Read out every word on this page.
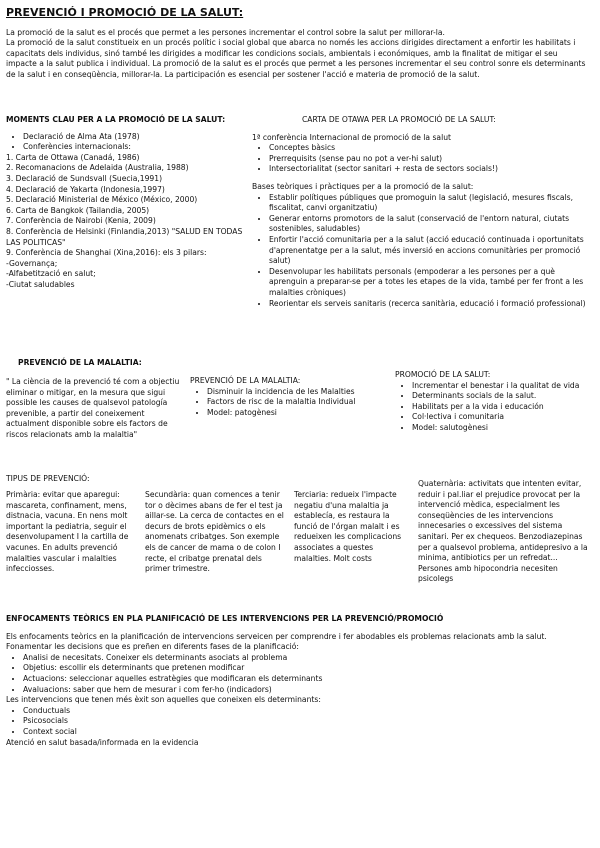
PREVENCIÓ I PROMOCIÓ DE LA SALUT:
La promoció de la salut es el procés que permet a les persones incrementar el control sobre la salut per millorar-la.
La promoció de la salut constitueix en un procés polític i social global que abarca no només les accions dirigides directament a enfortir les habilitats i capacitats dels individus, sinó també les dirigides a modificar les condicions socials, ambientals i económiques, amb la finalitat de mitigar el seu impacte a la salut publica i individual. La promoció de la salut es el procés que permet a les persones incrementar el seu control sonre els determinants de la salut i en conseqüència, millorar-la. La participación es esencial per sostener l'acció e materia de promoció de la salut.
MOMENTS CLAU PER A LA PROMOCIÓ DE LA SALUT:
• Declaració de Alma Ata (1978)
• Conferències internacionals:
1. Carta de Ottawa (Canadá, 1986)
2. Recomanacions de Adelaida (Australia, 1988)
3. Declaració de Sundsvall (Suecia,1991)
4. Declaració de Yakarta (Indonesia,1997)
5. Declaració Ministerial de México (México, 2000)
6. Carta de Bangkok (Tailandia, 2005)
7. Conferència de Nairobi (Kenia, 2009)
8. Conferència de Helsinki (Finlandia,2013) "SALUD EN TODAS LAS POLITICAS"
9. Conferència de Shanghai (Xina,2016): els 3 pilars:
-Governança;
-Alfabetització en salut;
-Ciutat saludables
CARTA DE OTAWA PER LA PROMOCIÓ DE LA SALUT:
1ª conferència Internacional de promoció de la salut
• Conceptes bàsics
• Prerrequisits (sense pau no pot a ver-hi salut)
• Intersectorialitat (sector sanitari + resta de sectors socials!)
Bases teòriques i pràctiques per a la promoció de la salut:
• Establir polítiques públiques que promoguin la salut (legislació, mesures fiscals, fiscalitat, canvi organitzatiu)
• Generar entorns promotors de la salut (conservació de l'entorn natural, ciutats sostenibles, saludables)
• Enfortir l'acció comunitaria per a la salut (acció educació continuada i oportunitats d'aprenentatge per a la salut, més inversió en accions comunitàries per promoció salut)
• Desenvolupar les habilitats personals (empoderar a les persones per a què aprenguin a preparar-se per a totes les etapes de la vida, també per fer front a les malalties cròniques)
• Reorientar els serveis sanitaris (recerca sanitària, educació i formació professional)
PREVENCIÓ DE LA MALALTIA:
" La ciència de la prevenció té com a objectiu eliminar o mitigar, en la mesura que sigui possible les causes de qualsevol patología prevenible, a partir del coneixement actualment disponible sobre els factors de riscos relacionats amb la malaltia"
PREVENCIÓ DE LA MALALTIA:
• Disminuir la incidencia de les Malalties
• Factors de risc de la malaltia Individual
• Model: patogènesi
PROMOCIÓ DE LA SALUT:
• Incrementar el benestar i la qualitat de vida
• Determinants socials de la salut.
• Habilitats per a la vida i educación
• Col·lectiva i comunitaria
• Model: salutogènesi
TIPUS DE PREVENCIÓ:
Primària: evitar que aparegui: mascareta, confinament, mens, distnacia, vacuna. En nens molt important la pediatria, seguir el desenvolupament I la cartilla de vacunes. En adults prevenció malalties vascular i malalties infecciosses.
Secundària: quan comences a tenir tor o dècimes abans de fer el test ja aillar-se. La cerca de contactes en el decurs de brots epidèmics o els anomenats cribatges. Son exemple els de cancer de mama o de colon I recte, el cribatge prenatal dels primer trimestre.
Terciaria: redueix l'impacte negatiu d'una malaltia ja establecía, es restaura la funció de l'órgan malalt i es redueixen les complicacions associates a questes malalties. Molt costs
Quaternària: activitats que intenten evitar, reduir i pal.liar el prejudice provocat per la intervenció mèdica, especialment les conseqüències de les intervencions innecesaries o excessives del sistema sanitari. Per ex chequeos. Benzodiazepinas per a qualsevol problema, antidepresivo a la minima, antibiotics per un refredat... Persones amb hipocondria necesiten psicolegs
ENFOCAMENTS TEÒRICS EN PLA PLANIFICACIÓ DE LES INTERVENCIONS PER LA PREVENCIÓ/PROMOCIÓ
Els enfocaments teòrics en la planificación de intervencions serveicen per comprendre i fer abodables els problemas relacionats amb la salut.
Fonamentar les decisions que es preñen en diferents fases de la planificació:
• Analisi de necesitats. Coneixer els determinants asociats al problema
• Objetius: escollir els determinants que pretenen modificar
• Actuacions: seleccionar aquelles estratègies que modificaran els determinants
• Avaluacions: saber que hem de mesurar i com fer-ho (indicadors)
Les intervencions que tenen més èxit son aquelles que coneixen els determinants:
• Conductuals
• Psicosocials
• Context social
Atenció en salut basada/informada en la evidencia
